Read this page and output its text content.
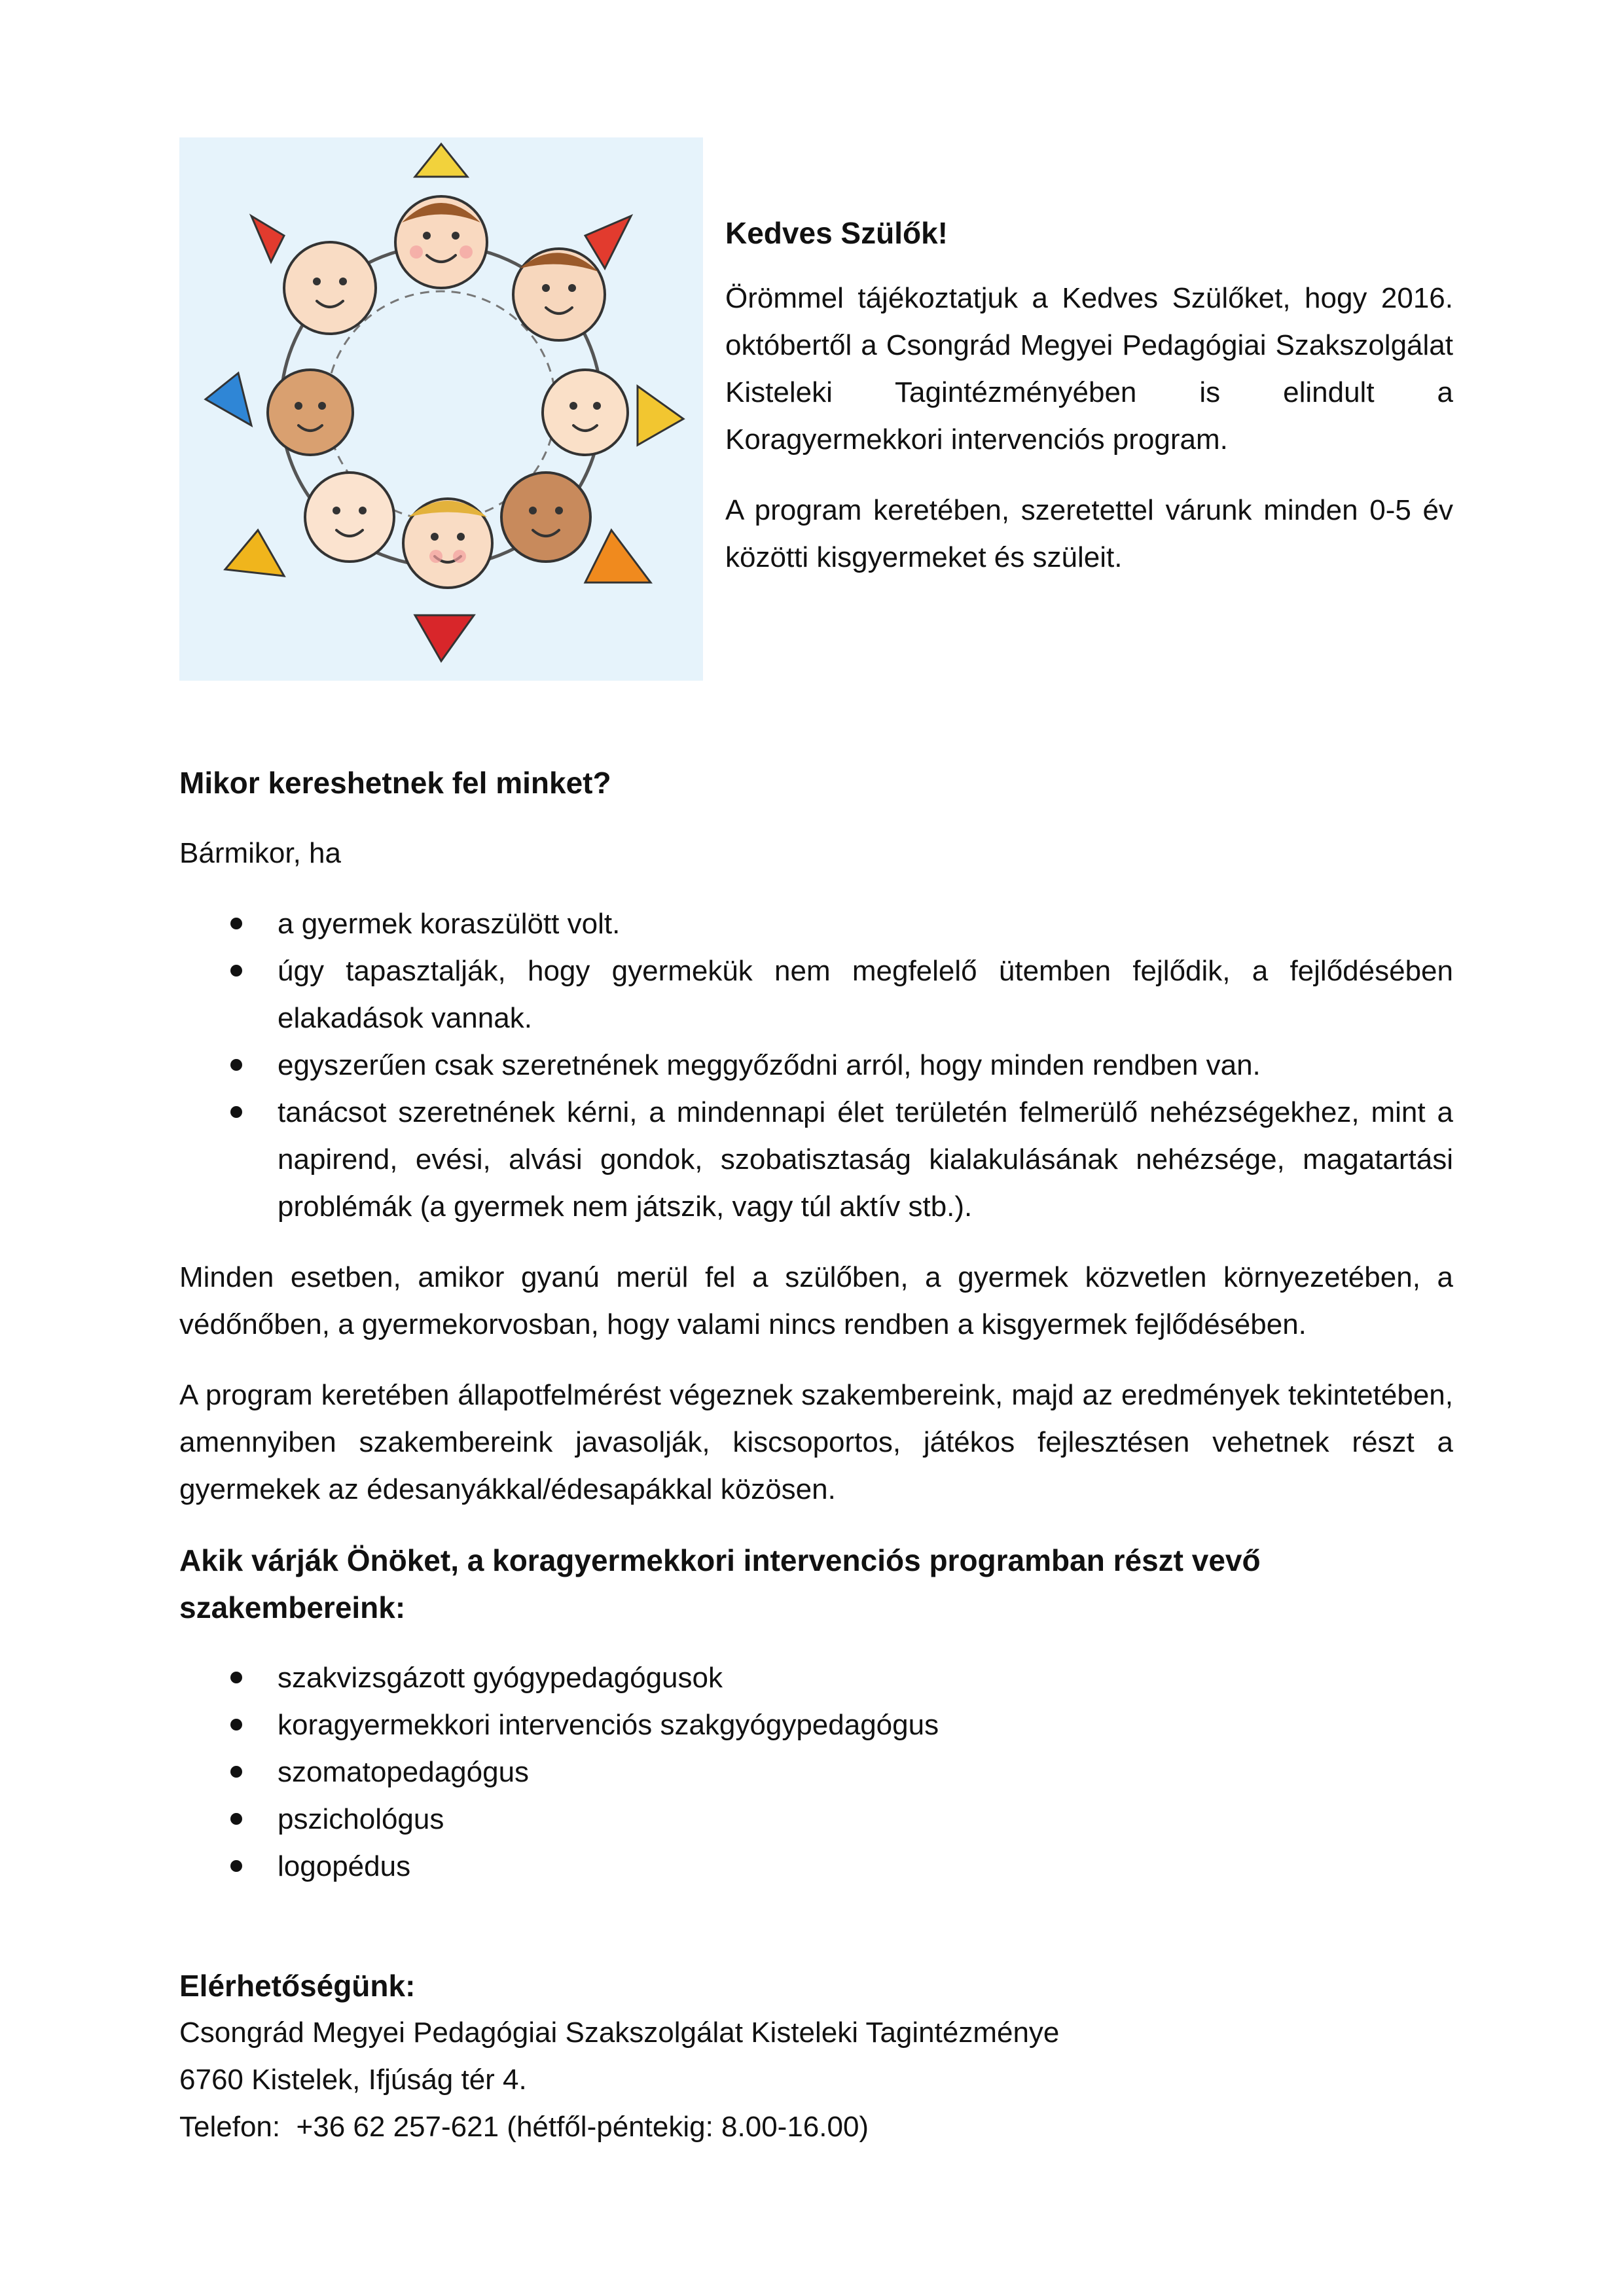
Kedves Szülők!

Örömmel tájékoztatjuk a Kedves Szülőket, hogy 2016. októbertől a Csongrád Megyei Pedagógiai Szakszolgálat Kisteleki Tagintézményében is elindult a Koragyermekkori intervenciós program.

A program keretében, szeretettel várunk minden 0-5 év közötti kisgyermeket és szüleit.

Mikor kereshetnek fel minket?

Bármikor, ha

a gyermek koraszülött volt.
úgy tapasztalják, hogy gyermekük nem megfelelő ütemben fejlődik, a fejlődésében elakadások vannak.
egyszerűen csak szeretnének meggyőződni arról, hogy minden rendben van.
tanácsot szeretnének kérni, a mindennapi élet területén felmerülő nehézségekhez, mint a napirend, evési, alvási gondok, szobatisztaság kialakulásának nehézsége, magatartási problémák (a gyermek nem játszik, vagy túl aktív stb.).

Minden esetben, amikor gyanú merül fel a szülőben, a gyermek közvetlen környezetében, a védőnőben, a gyermekorvosban, hogy valami nincs rendben a kisgyermek fejlődésében.

A program keretében állapotfelmérést végeznek szakembereink, majd az eredmények tekintetében, amennyiben szakembereink javasolják, kiscsoportos, játékos fejlesztésen vehetnek részt a gyermekek az édesanyákkal/édesapákkal közösen.

Akik várják Önöket, a koragyermekkori intervenciós programban részt vevő szakembereink:

szakvizsgázott gyógypedagógusok
koragyermekkori intervenciós szakgyógypedagógus
szomatopedagógus
pszichológus
logopédus

Elérhetőségünk:

Csongrád Megyei Pedagógiai Szakszolgálat Kisteleki Tagintézménye

6760 Kistelek, Ifjúság tér 4.

Telefon:  +36 62 257-621 (hétfől-péntekig: 8.00-16.00)
